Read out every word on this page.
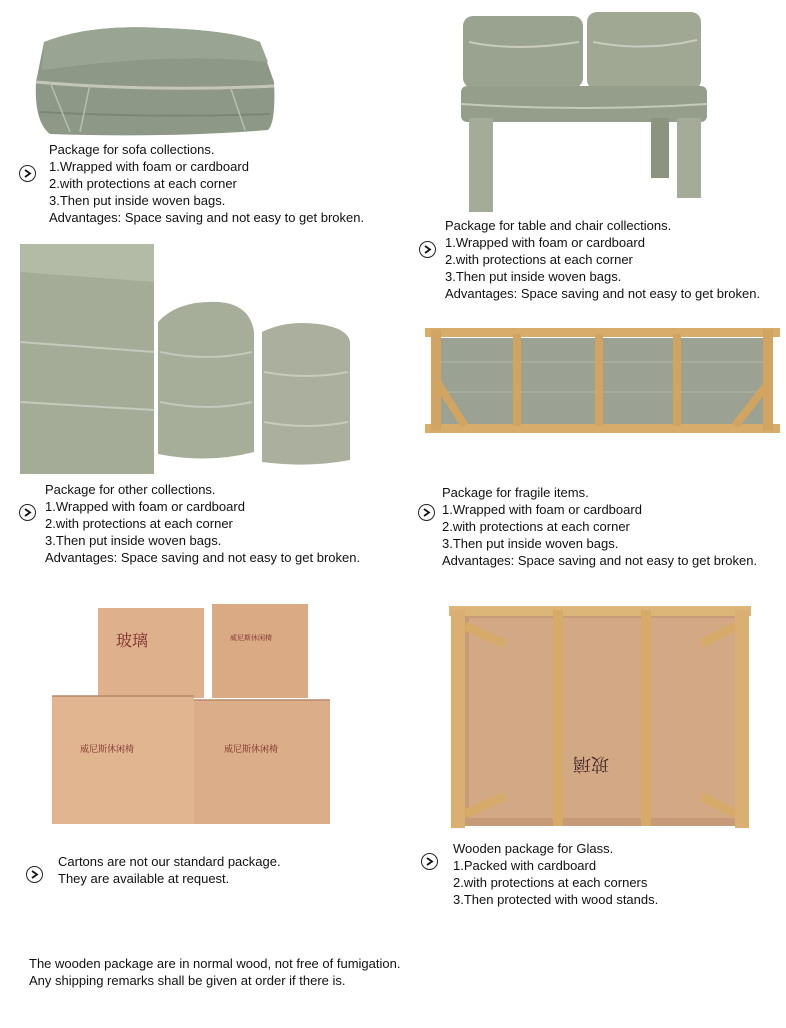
玻璃
威尼斯休闲椅	威尼斯休闲椅
威尼斯休闲椅
玻璃
Package for sofa collections.
1.Wrapped with foam or cardboard
2.with protections at each corner
3.Then put inside woven bags.
Advantages: Space saving and not easy to get broken.
Package for table and chair collections.
1.Wrapped with foam or cardboard
2.with protections at each corner
3.Then put inside woven bags.
Advantages: Space saving and not easy to get broken.
Package for other collections.
1.Wrapped with foam or cardboard
2.with protections at each corner
3.Then put inside woven bags.
Advantages: Space saving and not easy to get broken.
Package for fragile items.
1.Wrapped with foam or cardboard
2.with protections at each corner
3.Then put inside woven bags.
Advantages: Space saving and not easy to get broken.
Cartons are not our standard package.
They are available at request.
Wooden package for Glass.
1.Packed with cardboard
2.with protections at each corners
3.Then protected with wood stands.
The wooden package are in normal wood, not free of fumigation.
Any shipping remarks shall be given at order if there is.
